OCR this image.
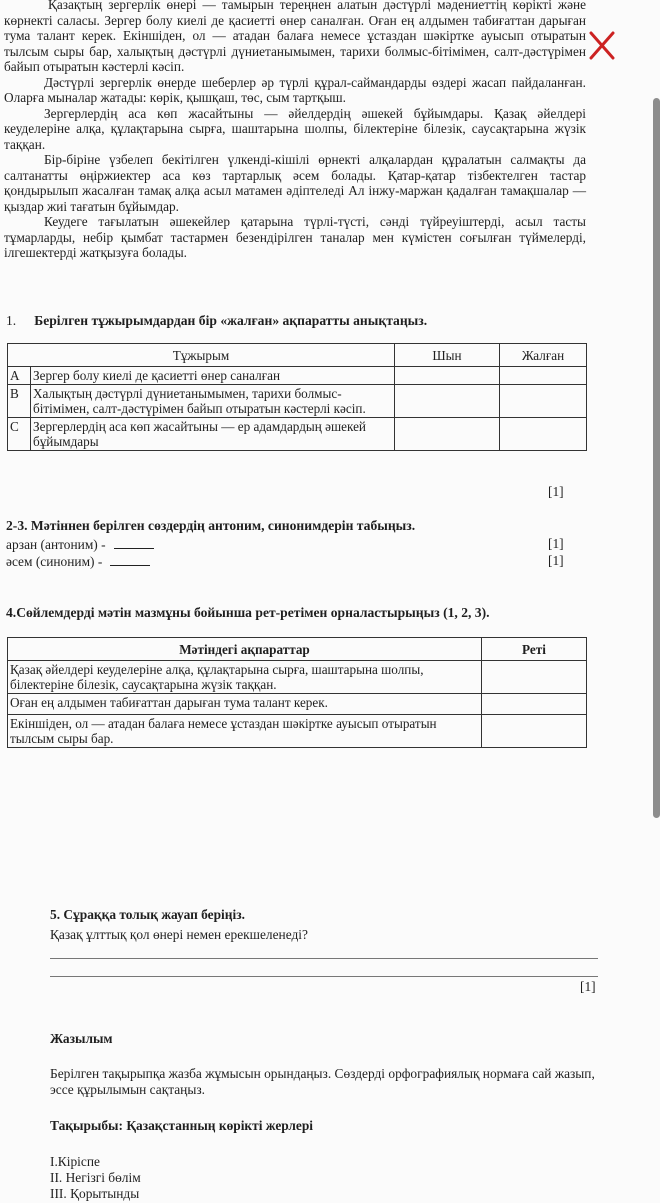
Қазақтың зергерлік өнері — тамырын тереңнен алатын дәстүрлі мәдениеттің көрікті және көрнекті саласы. Зергер болу киелі де қасиетті өнер саналған. Оған ең алдымен табиғаттан дарыған тума талант керек. Екіншіден, ол — атадан балаға немесе ұстаздан шәкіртке ауысып отыратын тылсым сыры бар, халықтың дәстүрлі дүниетанымымен, тарихи болмыс-бітімімен, салт-дәстүрімен байып отыратын кәстерлі кәсіп.

Дәстүрлі зергерлік өнерде шеберлер әр түрлі құрал-саймандарды өздері жасап пайдаланған. Оларға мыналар жатады: көрік, қышқаш, төс, сым тартқыш.

Зергерлердің аса көп жасайтыны — әйелдердің әшекей бұйымдары. Қазақ әйелдері кеуделеріне алқа, құлақтарына сырға, шаштарына шолпы, білектеріне білезік, саусақтарына жүзік таққан.

Бір-біріне үзбелеп бекітілген үлкенді-кішілі өрнекті алқалардан құралатын салмақты да салтанатты өңіржиектер аса көз тартарлық әсем болады. Қатар-қатар тізбектелген тастар қондырылып жасалған тамақ алқа асыл матамен әдіптеледі Ал інжу-маржан қадалған тамақшалар — қыздар жиі тағатын бұйымдар.

Кеудеге тағылатын әшекейлер қатарына түрлі-түсті, сәнді түйреуіштерді, асыл тасты тұмарларды, небір қымбат тастармен безендірілген таналар мен күмістен соғылған түймелерді, ілгешектерді жатқызуға болады.

1. Берілген тұжырымдардан бір «жалған» ақпаратты анықтаңыз.
Тұжырым		Шын	Жалған
A	Зергер болу киелі де қасиетті өнер саналған		
B	Халықтың дәстүрлі дүниетанымымен, тарихи болмыс-бітімімен, салт-дәстүрімен байып отыратын кәстерлі кәсіп.		
C	Зергерлердің аса көп жасайтыны — ер адамдардың әшекей бұйымдары		
[1]
2-3. Мәтіннен берілген сөздердің антоним, синонимдерін табыңыз.
арзан (антоним) -	[1]
әсем (синоним) -	[1]
4.Сөйлемдерді мәтін мазмұны бойынша рет-ретімен орналастырыңыз (1, 2, 3).
Мәтіндегі ақпараттар	Реті
Қазақ әйелдері кеуделеріне алқа, құлақтарына сырға, шаштарына шолпы, білектеріне білезік, саусақтарына жүзік таққан.	
Оған ең алдымен табиғаттан дарыған тума талант керек.	
Екіншіден, ол — атадан балаға немесе ұстаздан шәкіртке ауысып отыратын тылсым сыры бар.	
5. Сұраққа толық жауап беріңіз.
Қазақ ұлттық қол өнері немен ерекшеленеді?
[1]
Жазылым
Берілген тақырыпқа жазба жұмысын орындаңыз. Сөздерді орфографиялық нормаға сай жазып, эссе құрылымын сақтаңыз.
Тақырыбы: Қазақстанның көрікті жерлері
І.Кіріспе
ІІ. Негізгі бөлім
ІІІ. Қорытынды
